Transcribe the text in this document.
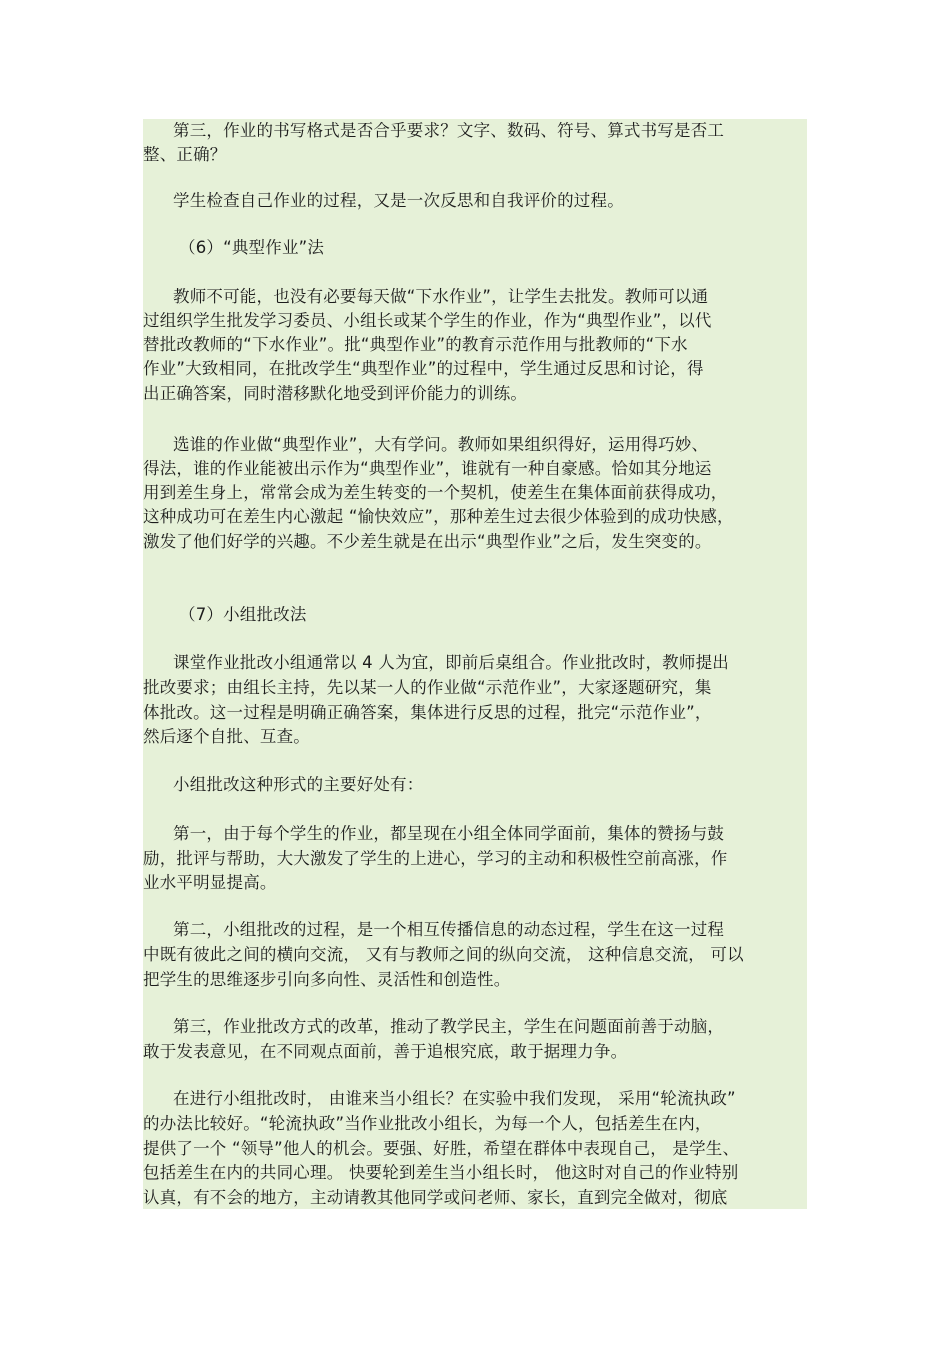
第三，作业的书写格式是否合乎要求？文字、数码、符号、算式书写是否工
整、正确？
学生检查自己作业的过程，又是一次反思和自我评价的过程。
（6）“典型作业”法
教师不可能，也没有必要每天做“下水作业”，让学生去批发。教师可以通
过组织学生批发学习委员、小组长或某个学生的作业，作为“典型作业”，以代
替批改教师的“下水作业”。批“典型作业”的教育示范作用与批教师的“下水
作业”大致相同，在批改学生“典型作业”的过程中，学生通过反思和讨论，得
出正确答案，同时潜移默化地受到评价能力的训练。
选谁的作业做“典型作业”，大有学问。教师如果组织得好，运用得巧妙、
得法，谁的作业能被出示作为“典型作业”，谁就有一种自豪感。恰如其分地运
用到差生身上，常常会成为差生转变的一个契机，使差生在集体面前获得成功，
这种成功可在差生内心激起 “愉快效应”，那种差生过去很少体验到的成功快感，
激发了他们好学的兴趣。不少差生就是在出示“典型作业”之后，发生突变的。
（7）小组批改法
课堂作业批改小组通常以 4 人为宜，即前后桌组合。作业批改时，教师提出
批改要求；由组长主持，先以某一人的作业做“示范作业”，大家逐题研究，集
体批改。这一过程是明确正确答案，集体进行反思的过程，批完“示范作业”，
然后逐个自批、互查。
小组批改这种形式的主要好处有：
第一，由于每个学生的作业，都呈现在小组全体同学面前，集体的赞扬与鼓
励，批评与帮助，大大激发了学生的上进心，学习的主动和积极性空前高涨，作
业水平明显提高。
第二，小组批改的过程，是一个相互传播信息的动态过程，学生在这一过程
中既有彼此之间的横向交流， 又有与教师之间的纵向交流， 这种信息交流， 可以
把学生的思维逐步引向多向性、灵活性和创造性。
第三，作业批改方式的改革，推动了教学民主，学生在问题面前善于动脑，
敢于发表意见，在不同观点面前，善于追根究底，敢于据理力争。
在进行小组批改时， 由谁来当小组长？在实验中我们发现， 采用“轮流执政”
的办法比较好。“轮流执政”当作业批改小组长，为每一个人，包括差生在内，
提供了一个 “领导”他人的机会。要强、好胜，希望在群体中表现自己， 是学生、
包括差生在内的共同心理。 快要轮到差生当小组长时， 他这时对自己的作业特别
认真，有不会的地方，主动请教其他同学或问老师、家长，直到完全做对，彻底
